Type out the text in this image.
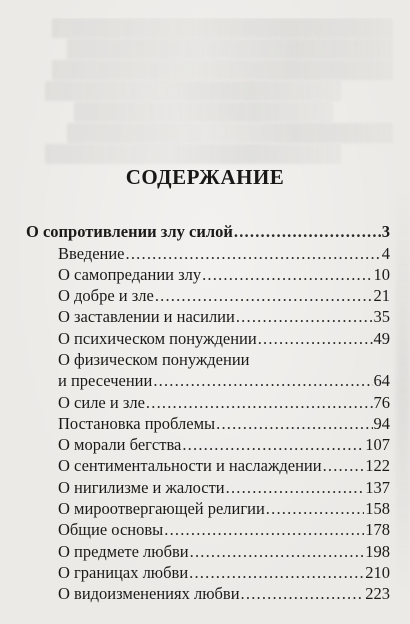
СОДЕРЖАНИЕ
О сопротивлении злу силой .....	3
Введение .....	4
О самопредании злу .....	10
О добре и зле .....	21
О заставлении и насилии .....	35
О психическом понуждении .....	49
О физическом понуждении
и пресечении .....	64
О силе и зле .....	76
Постановка проблемы .....	94
О морали бегства .....	107
О сентиментальности и наслаждении .....	122
О нигилизме и жалости .....	137
О мироотвергающей религии .....	158
Общие основы .....	178
О предмете любви .....	198
О границах любви .....	210
О видоизменениях любви .....	223
